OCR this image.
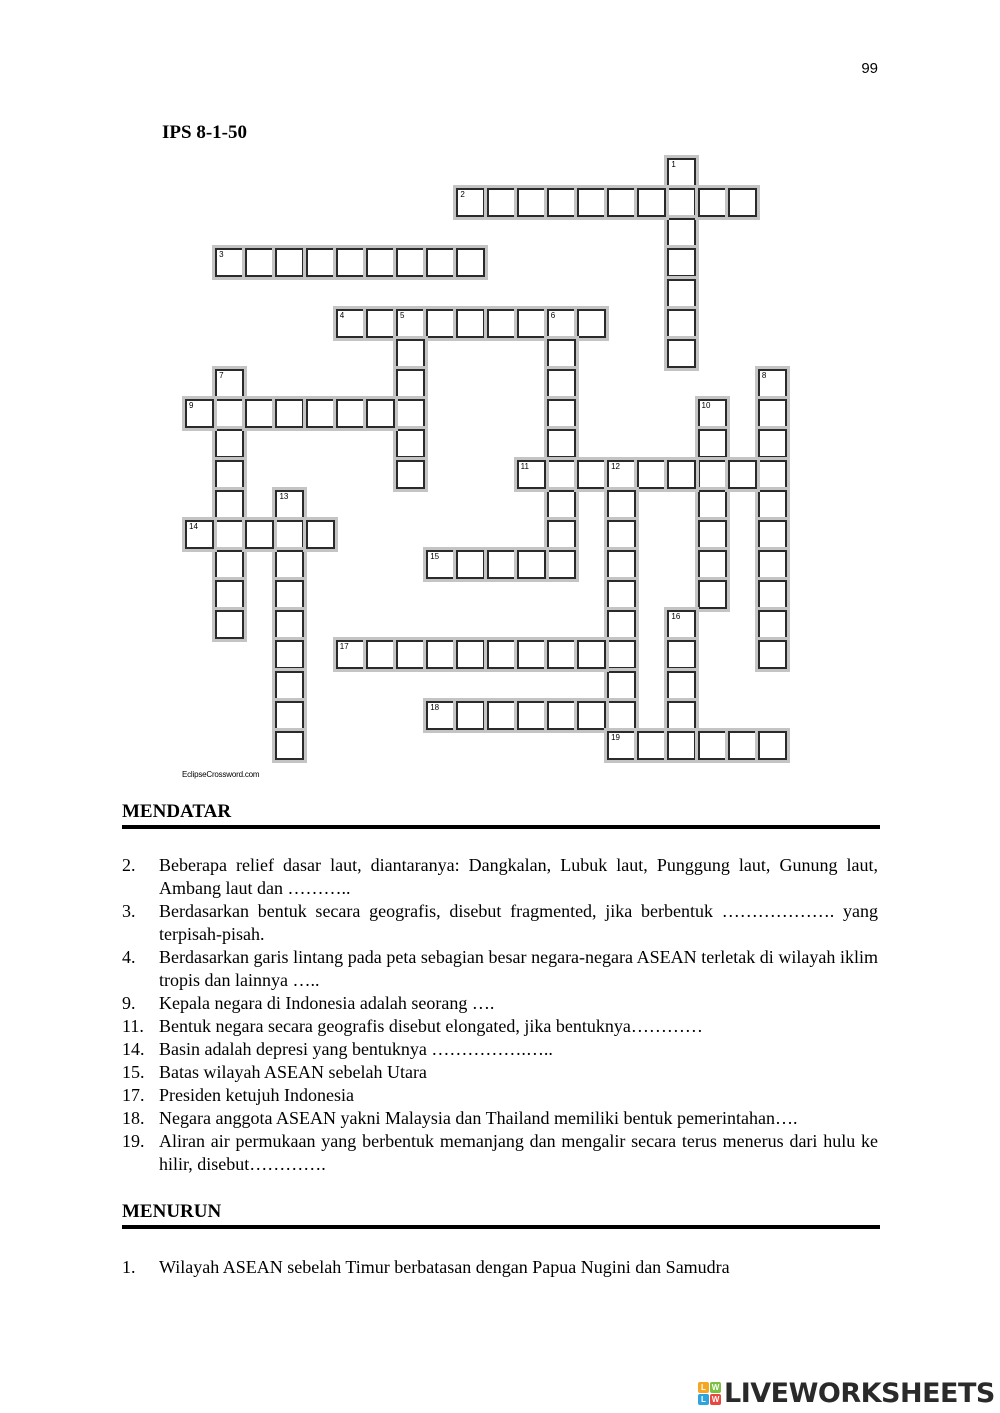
99
IPS 8-1-50
1
2
3
4	5	6
7	8
9	10
11	12
13
14
15
16
17
18
19
EclipseCrossword.com
MENDATAR
2.	Beberapa relief dasar laut, diantaranya: Dangkalan, Lubuk laut, Punggung laut, Gunung laut, Ambang laut dan ………..
3.	Berdasarkan bentuk secara geografis, disebut fragmented, jika berbentuk ………………. yang terpisah-pisah.
4.	Berdasarkan garis lintang pada peta sebagian besar negara-negara ASEAN terletak di wilayah iklim tropis dan lainnya …..
9.	Kepala negara di Indonesia adalah seorang ….
11. Bentuk negara secara geografis disebut elongated, jika bentuknya…………
14. Basin adalah depresi yang bentuknya …………….…..
15. Batas wilayah ASEAN sebelah Utara
17. Presiden ketujuh Indonesia
18. Negara anggota ASEAN yakni Malaysia dan Thailand memiliki bentuk pemerintahan….
19. Aliran air permukaan yang berbentuk memanjang dan mengalir secara terus menerus dari hulu ke hilir, disebut………….
MENURUN
1.	Wilayah ASEAN sebelah Timur berbatasan dengan Papua Nugini dan Samudra
L W
L W LIVEWORKSHEETS
